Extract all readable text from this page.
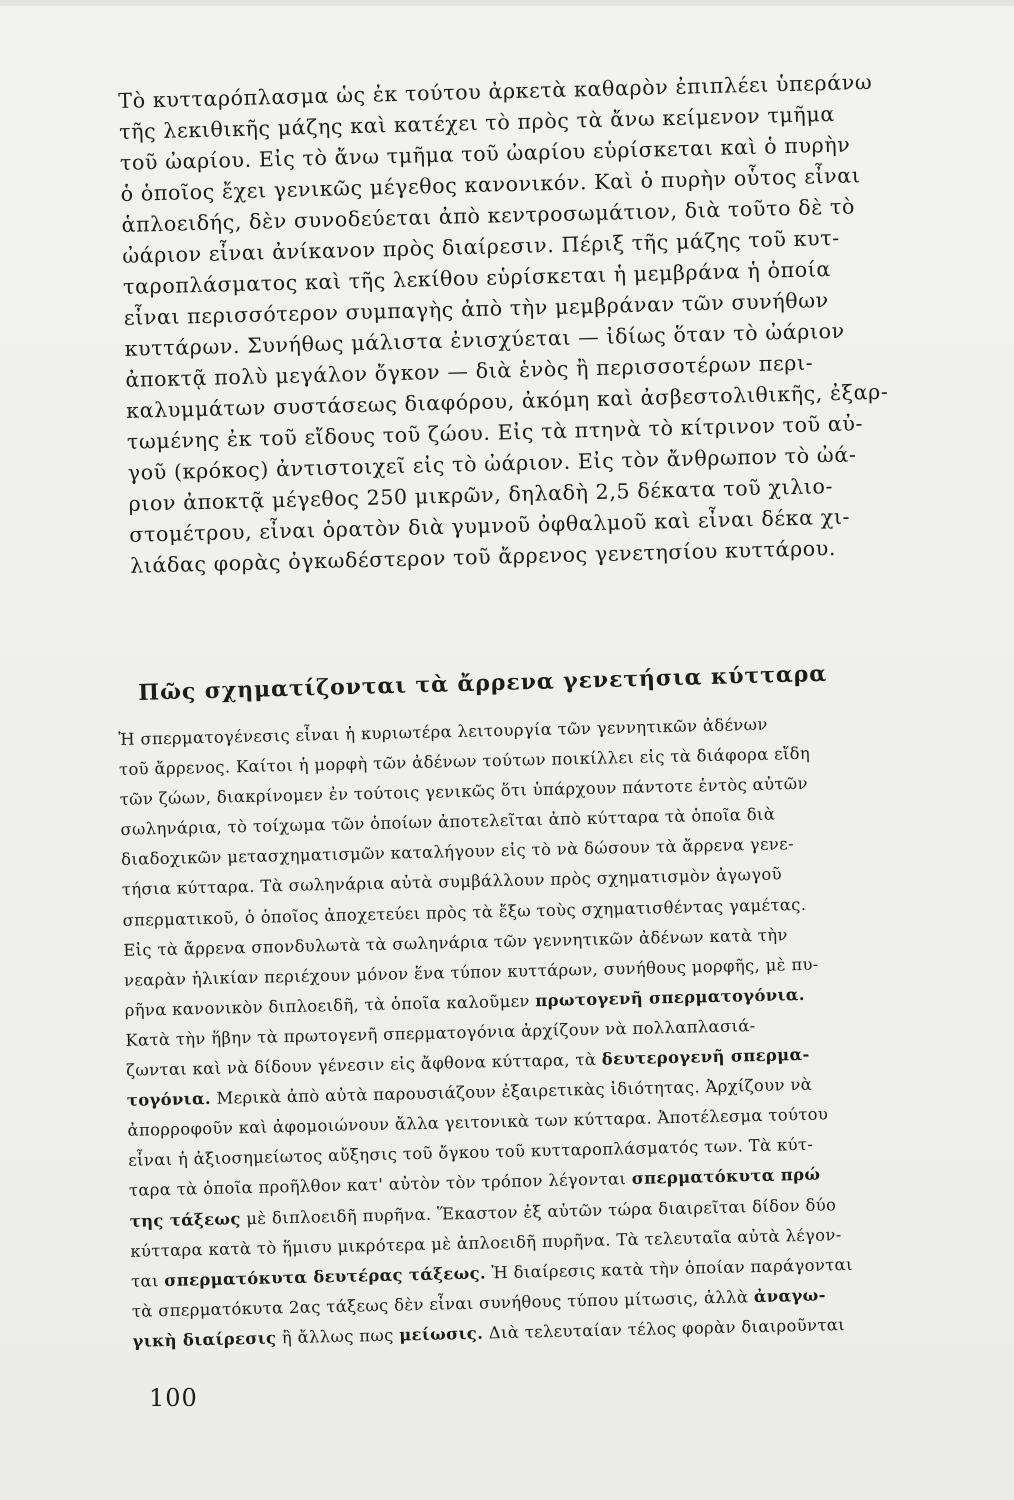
Τὸ κυτταρόπλασμα ὡς ἐκ τούτου ἀρκετὰ καθαρὸν ἐπιπλέει ὑπεράνω
τῆς λεκιθικῆς μάζης καὶ κατέχει τὸ πρὸς τὰ ἄνω κείμενον τμῆμα
τοῦ ὠαρίου. Εἰς τὸ ἄνω τμῆμα τοῦ ὠαρίου εὑρίσκεται καὶ ὁ πυρὴν
ὁ ὁποῖος ἔχει γενικῶς μέγεθος κανονικόν. Καὶ ὁ πυρὴν οὗτος εἶναι
ἁπλοειδής, δὲν συνοδεύεται ἀπὸ κεντροσωμάτιον, διὰ τοῦτο δὲ τὸ
ὠάριον εἶναι ἀνίκανον πρὸς διαίρεσιν. Πέριξ τῆς μάζης τοῦ κυτ-
ταροπλάσματος καὶ τῆς λεκίθου εὑρίσκεται ἡ μεμβράνα ἡ ὁποία
εἶναι περισσότερον συμπαγὴς ἀπὸ τὴν μεμβράναν τῶν συνήθων
κυττάρων. Συνήθως μάλιστα ἐνισχύεται — ἰδίως ὅταν τὸ ὠάριον
ἀποκτᾷ πολὺ μεγάλον ὄγκον — διὰ ἑνὸς ἢ περισσοτέρων περι-
καλυμμάτων συστάσεως διαφόρου, ἀκόμη καὶ ἀσβεστολιθικῆς, ἐξαρ-
τωμένης ἐκ τοῦ εἴδους τοῦ ζώου. Εἰς τὰ πτηνὰ τὸ κίτρινον τοῦ αὐ-
γοῦ (κρόκος) ἀντιστοιχεῖ εἰς τὸ ὠάριον. Εἰς τὸν ἄνθρωπον τὸ ὠά-
ριον ἀποκτᾷ μέγεθος 250 μικρῶν, δηλαδὴ 2,5 δέκατα τοῦ χιλιο-
στομέτρου, εἶναι ὁρατὸν διὰ γυμνοῦ ὀφθαλμοῦ καὶ εἶναι δέκα χι-
λιάδας φορὰς ὀγκωδέστερον τοῦ ἄρρενος γενετησίου κυττάρου.
Πῶς σχηματίζονται τὰ ἄρρενα γενετήσια κύτταρα
Ἡ σπερματογένεσις εἶναι ἡ κυριωτέρα λειτουργία τῶν γεννητικῶν ἀδένων
τοῦ ἄρρενος. Καίτοι ἡ μορφὴ τῶν ἀδένων τούτων ποικίλλει εἰς τὰ διάφορα εἴδη
τῶν ζώων, διακρίνομεν ἐν τούτοις γενικῶς ὅτι ὑπάρχουν πάντοτε ἐντὸς αὐτῶν
σωληνάρια, τὸ τοίχωμα τῶν ὁποίων ἀποτελεῖται ἀπὸ κύτταρα τὰ ὁποῖα διὰ
διαδοχικῶν μετασχηματισμῶν καταλήγουν εἰς τὸ νὰ δώσουν τὰ ἄρρενα γενε-
τήσια κύτταρα. Τὰ σωληνάρια αὐτὰ συμβάλλουν πρὸς σχηματισμὸν ἀγωγοῦ
σπερματικοῦ, ὁ ὁποῖος ἀποχετεύει πρὸς τὰ ἔξω τοὺς σχηματισθέντας γαμέτας.
Εἰς τὰ ἄρρενα σπονδυλωτὰ τὰ σωληνάρια τῶν γεννητικῶν ἀδένων κατὰ τὴν
νεαρὰν ἡλικίαν περιέχουν μόνον ἕνα τύπον κυττάρων, συνήθους μορφῆς, μὲ πυ-
ρῆνα κανονικὸν διπλοειδῆ, τὰ ὁποῖα καλοῦμεν πρωτογενῆ σπερματογόνια.
Κατὰ τὴν ἥβην τὰ πρωτογενῆ σπερματογόνια ἀρχίζουν νὰ πολλαπλασιά-
ζωνται καὶ νὰ δίδουν γένεσιν εἰς ἄφθονα κύτταρα, τὰ δευτερογενῆ σπερμα-
τογόνια. Μερικὰ ἀπὸ αὐτὰ παρουσιάζουν ἐξαιρετικὰς ἰδιότητας. Ἀρχίζουν νὰ
ἀπορροφοῦν καὶ ἀφομοιώνουν ἄλλα γειτονικὰ των κύτταρα. Ἀποτέλεσμα τούτου
εἶναι ἡ ἀξιοσημείωτος αὔξησις τοῦ ὄγκου τοῦ κυτταροπλάσματός των. Τὰ κύτ-
ταρα τὰ ὁποῖα προῆλθον κατ' αὐτὸν τὸν τρόπον λέγονται σπερματόκυτα πρώ
της τάξεως μὲ διπλοειδῆ πυρῆνα. Ἕκαστον ἐξ αὐτῶν τώρα διαιρεῖται δίδον δύο
κύτταρα κατὰ τὸ ἥμισυ μικρότερα μὲ ἁπλοειδῆ πυρῆνα. Τὰ τελευταῖα αὐτὰ λέγον-
ται σπερματόκυτα δευτέρας τάξεως. Ἡ διαίρεσις κατὰ τὴν ὁποίαν παράγονται
τὰ σπερματόκυτα 2ας τάξεως δὲν εἶναι συνήθους τύπου μίτωσις, ἀλλὰ ἀναγω-
γικὴ διαίρεσις ἢ ἄλλως πως μείωσις. Διὰ τελευταίαν τέλος φορὰν διαιροῦνται
100
